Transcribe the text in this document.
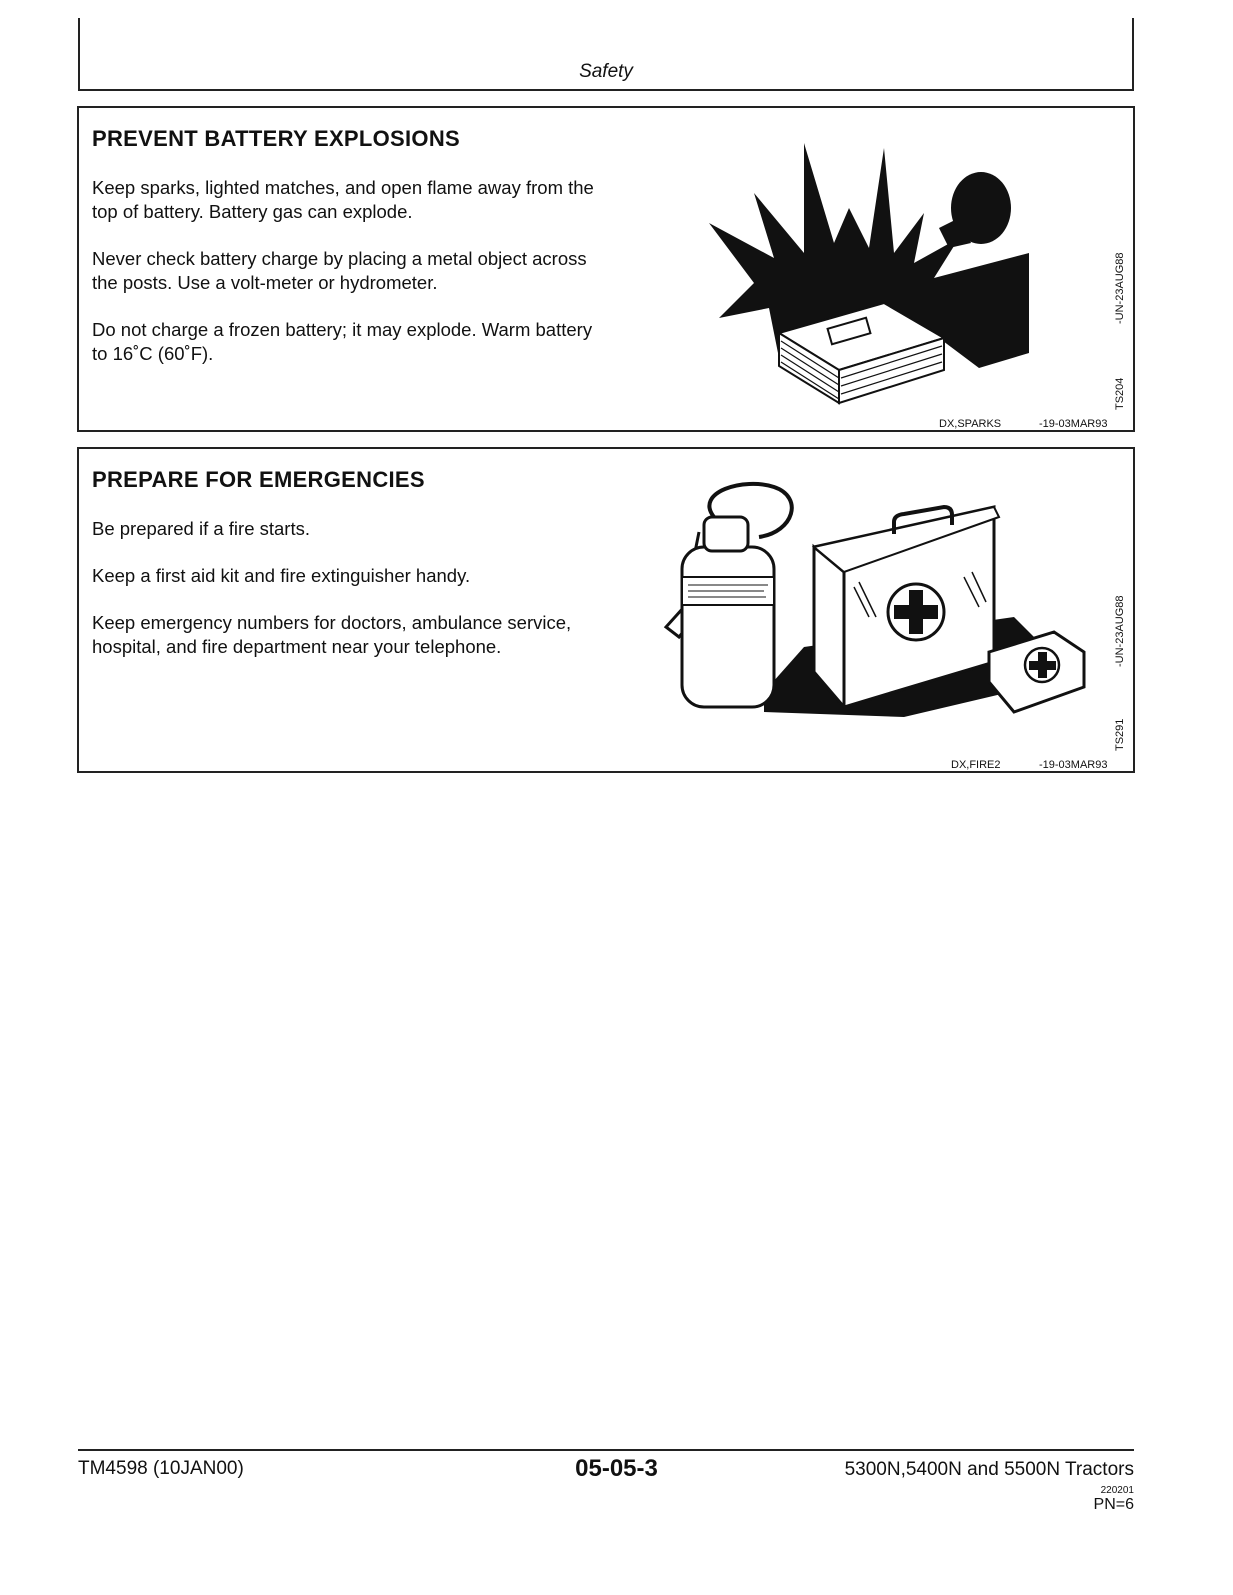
Safety
PREVENT BATTERY EXPLOSIONS

Keep sparks, lighted matches, and open flame away from the top of battery. Battery gas can explode.

Never check battery charge by placing a metal object across the posts. Use a volt-meter or hydrometer.

Do not charge a frozen battery; it may explode. Warm battery to 16˚C (60˚F).

-UN-23AUG88
TS204
DX,SPARKS	-19-03MAR93
PREPARE FOR EMERGENCIES

Be prepared if a fire starts.

Keep a first aid kit and fire extinguisher handy.

Keep emergency numbers for doctors, ambulance service, hospital, and fire department near your telephone.	-UN-23AUG88
TS291
DX,FIRE2	-19-03MAR93
TM4598 (10JAN00)	05-05-3	5300N,5400N and 5500N Tractors
220201
PN=6
